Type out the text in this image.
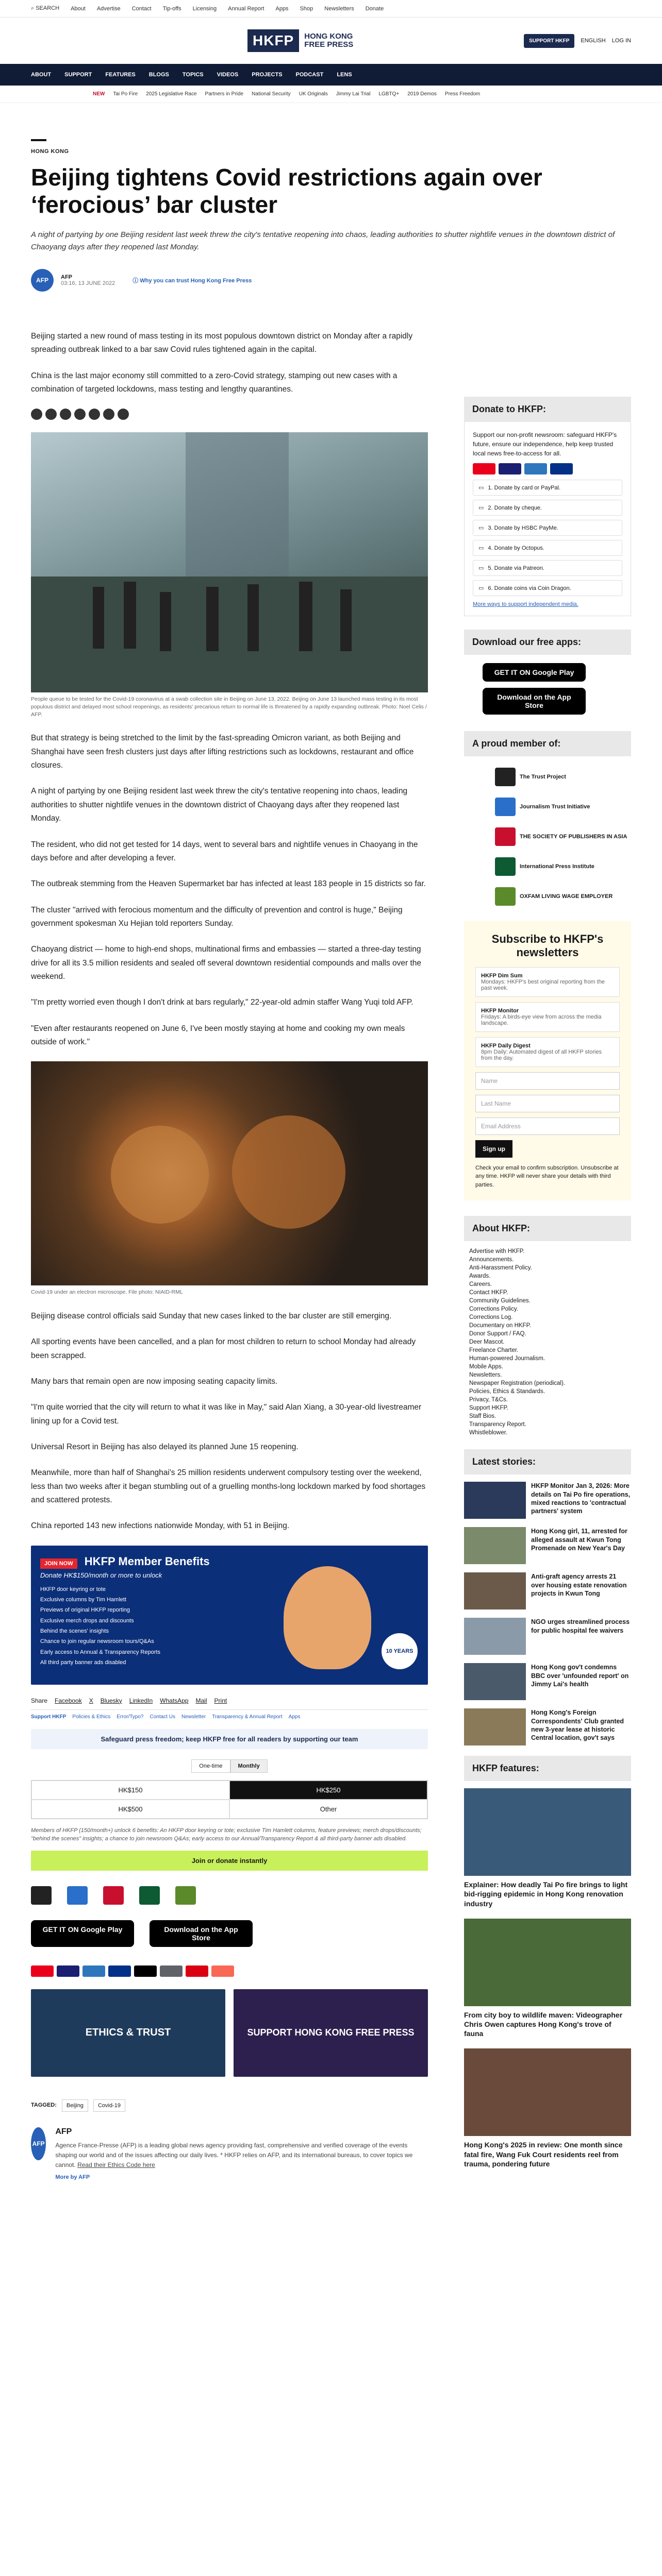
⌕ SEARCH About Advertise Contact Tip-offs Licensing Annual Report Apps Shop Newsletters Donate
HKFP	HONG KONG
FREE PRESS	SUPPORT HKFP	ENGLISH LOG IN
ABOUT SUPPORT FEATURES BLOGS TOPICS VIDEOS PROJECTS PODCAST LENS
NEW Tai Po Fire 2025 Legislative Race Partners in Pride National Security UK Originals Jimmy Lai Trial LGBTQ+ 2019 Demos Press Freedom
HONG KONG
Beijing tightens Covid restrictions again over ‘ferocious’ bar cluster
A night of partying by one Beijing resident last week threw the city's tentative reopening into chaos, leading authorities to shutter nightlife venues in the downtown district of Chaoyang days after they reopened last Monday.
AFP	AFP
03:16, 13 JUNE 2022	ⓘ Why you can trust Hong Kong Free Press

Beijing started a new round of mass testing in its most populous downtown district on Monday after a rapidly spreading outbreak linked to a bar saw Covid rules tightened again in the capital.

China is the last major economy still committed to a zero-Covid strategy, stamping out new cases with a combination of targeted lockdowns, mass testing and lengthy quarantines.

People queue to be tested for the Covid-19 coronavirus at a swab collection site in Beijing on June 13, 2022. Beijing on June 13 launched mass testing in its most populous district and delayed most school reopenings, as residents' precarious return to normal life is threatened by a rapidly expanding outbreak. Photo: Noel Celis / AFP.

But that strategy is being stretched to the limit by the fast-spreading Omicron variant, as both Beijing and Shanghai have seen fresh clusters just days after lifting restrictions such as lockdowns, restaurant and office closures.

A night of partying by one Beijing resident last week threw the city's tentative reopening into chaos, leading authorities to shutter nightlife venues in the downtown district of Chaoyang days after they reopened last Monday.

The resident, who did not get tested for 14 days, went to several bars and nightlife venues in Chaoyang in the days before and after developing a fever.

The outbreak stemming from the Heaven Supermarket bar has infected at least 183 people in 15 districts so far.

The cluster "arrived with ferocious momentum and the difficulty of prevention and control is huge," Beijing government spokesman Xu Hejian told reporters Sunday.

Chaoyang district — home to high-end shops, multinational firms and embassies — started a three-day testing drive for all its 3.5 million residents and sealed off several downtown residential compounds and malls over the weekend.

"I'm pretty worried even though I don't drink at bars regularly," 22-year-old admin staffer Wang Yuqi told AFP.

"Even after restaurants reopened on June 6, I've been mostly staying at home and cooking my own meals outside of work."

Covid-19 under an electron microscope. File photo: NIAID-RML

Beijing disease control officials said Sunday that new cases linked to the bar cluster are still emerging.

All sporting events have been cancelled, and a plan for most children to return to school Monday had already been scrapped.

Many bars that remain open are now imposing seating capacity limits.

"I'm quite worried that the city will return to what it was like in May," said Alan Xiang, a 30-year-old livestreamer lining up for a Covid test.

Universal Resort in Beijing has also delayed its planned June 15 reopening.

Meanwhile, more than half of Shanghai's 25 million residents underwent compulsory testing over the weekend, less than two weeks after it began stumbling out of a gruelling months-long lockdown marked by food shortages and scattered protests.

China reported 143 new infections nationwide Monday, with 51 in Beijing.

JOIN NOW HKFP Member Benefits
Donate HK$150/month or more to unlock
HKFP door keyring or tote
Exclusive columns by Tim Hamlett
Previews of original HKFP reporting
Exclusive merch drops and discounts
Behind the scenes' insights
Chance to join regular newsroom tours/Q&As
Early access to Annual & Transparency Reports
All third party banner ads disabled
10 YEARS
Share Facebook X Bluesky LinkedIn WhatsApp Mail Print
Support HKFP Policies & Ethics Error/Typo? Contact Us Newsletter Transparency & Annual Report Apps
Safeguard press freedom; keep HKFP free for all readers by supporting our team
One-time	Monthly
HK$150	HK$250
HK$500	Other
Members of HKFP (150/month+) unlock 6 benefits: An HKFP door keyring or tote; exclusive Tim Hamlett columns, feature previews; merch drops/discounts; "behind the scenes" insights; a chance to join newsroom Q&As; early access to our Annual/Transparency Report & all third-party banner ads disabled.
Join or donate instantly
GET IT ON Google Play	Download on the App Store
ETHICS & TRUST	SUPPORT HONG KONG FREE PRESS
TAGGED:	Beijing	Covid-19
AFP
AFP
Agence France-Presse (AFP) is a leading global news agency providing fast, comprehensive and verified coverage of the events shaping our world and of the issues affecting our daily lives. * HKFP relies on AFP, and its international bureaus, to cover topics we cannot. Read their Ethics Code here
More by AFP
Donate to HKFP:
Support our non-profit newsroom: safeguard HKFP's future, ensure our independence, help keep trusted local news free-to-access for all.
▭ 1. Donate by card or PayPal.
▭ 2. Donate by cheque.
▭ 3. Donate by HSBC PayMe.
▭ 4. Donate by Octopus.
▭ 5. Donate via Patreon.
▭ 6. Donate coins via Coin Dragon.
More ways to support independent media.
Download our free apps:
GET IT ON Google Play Download on the App Store
A proud member of:
The Trust Project
Journalism Trust Initiative
THE SOCIETY OF PUBLISHERS IN ASIA
International Press Institute
OXFAM LIVING WAGE EMPLOYER
Subscribe to HKFP's newsletters
HKFP Dim Sum
Mondays: HKFP's best original reporting from the past week.
HKFP Monitor
Fridays: A birds-eye view from across the media landscape.
HKFP Daily Digest
8pm Daily: Automated digest of all HKFP stories from the day.
Name
Last Name
Email Address
Sign up
Check your email to confirm subscription. Unsubscribe at any time. HKFP will never share your details with third parties.
About HKFP:
Advertise with HKFP.
Announcements.
Anti-Harassment Policy.
Awards.
Careers.
Contact HKFP.
Community Guidelines.
Corrections Policy.
Corrections Log.
Documentary on HKFP.
Donor Support / FAQ.
Deer Mascot.
Freelance Charter.
Human-powered Journalism.
Mobile Apps.
Newsletters.
Newspaper Registration (periodical).
Policies, Ethics & Standards.
Privacy, T&Cs.
Support HKFP.
Staff Bios.
Transparency Report.
Whistleblower.
Latest stories:
HKFP Monitor Jan 3, 2026: More details on Tai Po fire operations, mixed reactions to 'contractual partners' system
Hong Kong girl, 11, arrested for alleged assault at Kwun Tong Promenade on New Year's Day
Anti-graft agency arrests 21 over housing estate renovation projects in Kwun Tong
NGO urges streamlined process for public hospital fee waivers
Hong Kong gov't condemns BBC over 'unfounded report' on Jimmy Lai's health
Hong Kong's Foreign Correspondents' Club granted new 3-year lease at historic Central location, gov't says
HKFP features:
Explainer: How deadly Tai Po fire brings to light bid-rigging epidemic in Hong Kong renovation industry
From city boy to wildlife maven: Videographer Chris Owen captures Hong Kong's trove of fauna
Hong Kong's 2025 in review: One month since fatal fire, Wang Fuk Court residents reel from trauma, pondering future
